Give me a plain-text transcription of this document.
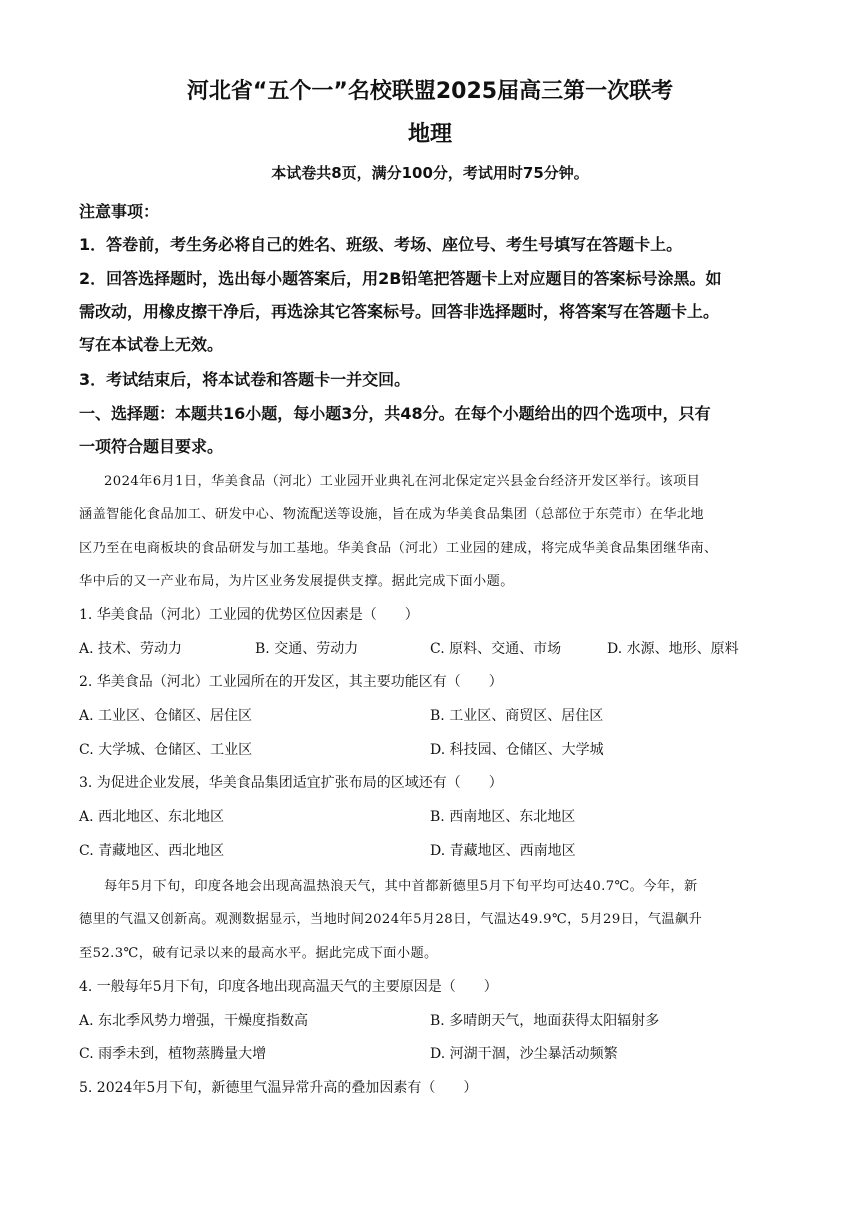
河北省“五个一”名校联盟2025届高三第一次联考
地理
本试卷共8页，满分100分，考试用时75分钟。
注意事项：
1．答卷前，考生务必将自己的姓名、班级、考场、座位号、考生号填写在答题卡上。
2．回答选择题时，选出每小题答案后，用2B铅笔把答题卡上对应题目的答案标号涂黑。如
需改动，用橡皮擦干净后，再选涂其它答案标号。回答非选择题时，将答案写在答题卡上。
写在本试卷上无效。
3．考试结束后，将本试卷和答题卡一并交回。
一、选择题：本题共16小题，每小题3分，共48分。在每个小题给出的四个选项中，只有
一项符合题目要求。
2024年6月1日，华美食品（河北）工业园开业典礼在河北保定定兴县金台经济开发区举行。该项目
涵盖智能化食品加工、研发中心、物流配送等设施，旨在成为华美食品集团（总部位于东莞市）在华北地
区乃至在电商板块的食品研发与加工基地。华美食品（河北）工业园的建成，将完成华美食品集团继华南、
华中后的又一产业布局，为片区业务发展提供支撑。据此完成下面小题。
1. 华美食品（河北）工业园的优势区位因素是（　　）
A. 技术、劳动力	B. 交通、劳动力	C. 原料、交通、市场	D. 水源、地形、原料
2. 华美食品（河北）工业园所在的开发区，其主要功能区有（　　）
A. 工业区、仓储区、居住区	B. 工业区、商贸区、居住区
C. 大学城、仓储区、工业区	D. 科技园、仓储区、大学城
3. 为促进企业发展，华美食品集团适宜扩张布局的区域还有（　　）
A. 西北地区、东北地区	B. 西南地区、东北地区
C. 青藏地区、西北地区	D. 青藏地区、西南地区
每年5月下旬，印度各地会出现高温热浪天气，其中首都新德里5月下旬平均可达40.7℃。今年，新
德里的气温又创新高。观测数据显示，当地时间2024年5月28日，气温达49.9℃，5月29日，气温飙升
至52.3℃，破有记录以来的最高水平。据此完成下面小题。
4. 一般每年5月下旬，印度各地出现高温天气的主要原因是（　　）
A. 东北季风势力增强，干燥度指数高	B. 多晴朗天气，地面获得太阳辐射多
C. 雨季未到，植物蒸腾量大增	D. 河湖干涸，沙尘暴活动频繁
5. 2024年5月下旬，新德里气温异常升高的叠加因素有（　　）
